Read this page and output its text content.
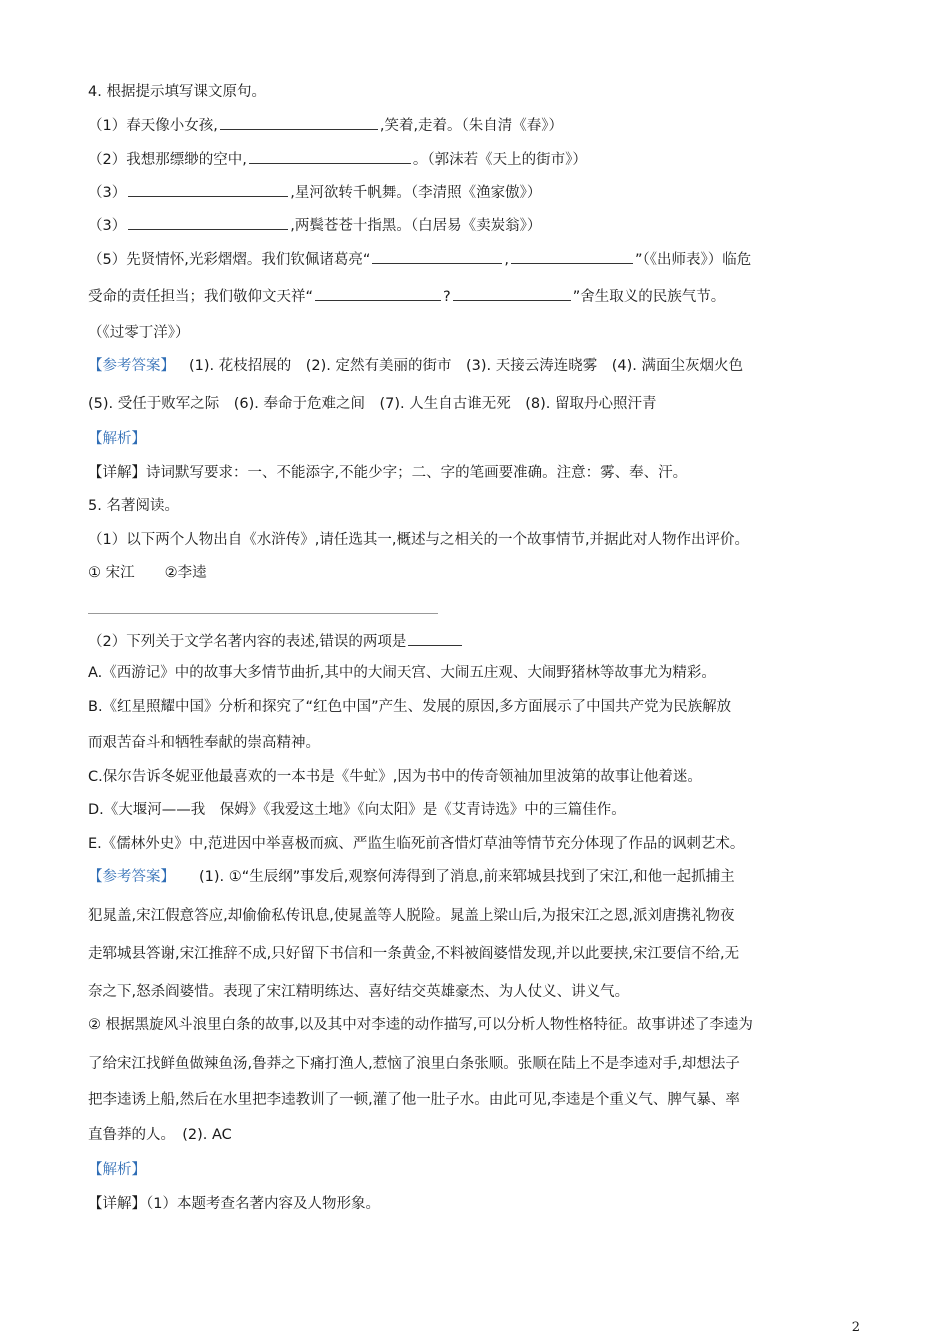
4. 根据提示填写课文原句。
（1）春天像小女孩,	,笑着,走着。（朱自清《春》）
（2）我想那缥缈的空中,	。（郭沫若《天上的街市》）
（3）	,星河欲转千帆舞。（李清照《渔家傲》）
（3）	,两鬓苍苍十指黑。（白居易《卖炭翁》）
（5）先贤情怀,光彩熠熠。我们钦佩诸葛亮“	,	”（《出师表》）临危
受命的责任担当；我们敬仰文天祥“	?	”舍生取义的民族气节。
（《过零丁洋》）
【参考答案】 (1). 花枝招展的　(2). 定然有美丽的街市　(3). 天接云涛连晓雾　(4). 满面尘灰烟火色
(5). 受任于败军之际　(6). 奉命于危难之间　(7). 人生自古谁无死　(8). 留取丹心照汗青
【解析】
【详解】诗词默写要求：一、不能添字,不能少字；二、字的笔画要准确。注意：雾、奉、汗。
5. 名著阅读。
（1）以下两个人物出自《水浒传》,请任选其一,概述与之相关的一个故事情节,并据此对人物作出评价。
① 宋江 ②李逵
（2）下列关于文学名著内容的表述,错误的两项是
A.《西游记》中的故事大多情节曲折,其中的大闹天宫、大闹五庄观、大闹野猪林等故事尤为精彩。
B.《红星照耀中国》分析和探究了“红色中国”产生、发展的原因,多方面展示了中国共产党为民族解放
而艰苦奋斗和牺牲奉献的崇高精神。
C.保尔告诉冬妮亚他最喜欢的一本书是《牛虻》,因为书中的传奇领袖加里波第的故事让他着迷。
D.《大堰河——我　保姆》《我爱这土地》《向太阳》是《艾青诗选》中的三篇佳作。
E.《儒林外史》中,范进因中举喜极而疯、严监生临死前吝惜灯草油等情节充分体现了作品的讽刺艺术。
【参考答案】 (1). ①“生辰纲”事发后,观察何涛得到了消息,前来郓城县找到了宋江,和他一起抓捕主
犯晁盖,宋江假意答应,却偷偷私传讯息,使晁盖等人脱险。晁盖上梁山后,为报宋江之恩,派刘唐携礼物夜
走郓城县答谢,宋江推辞不成,只好留下书信和一条黄金,不料被阎婆惜发现,并以此要挟,宋江要信不给,无
奈之下,怒杀阎婆惜。表现了宋江精明练达、喜好结交英雄豪杰、为人仗义、讲义气。
② 根据黑旋风斗浪里白条的故事,以及其中对李逵的动作描写,可以分析人物性格特征。故事讲述了李逵为
了给宋江找鲜鱼做辣鱼汤,鲁莽之下痛打渔人,惹恼了浪里白条张顺。张顺在陆上不是李逵对手,却想法子
把李逵诱上船,然后在水里把李逵教训了一顿,灌了他一肚子水。由此可见,李逵是个重义气、脾气暴、率
直鲁莽的人。　(2). AC
【解析】
【详解】（1）本题考查名著内容及人物形象。
2
